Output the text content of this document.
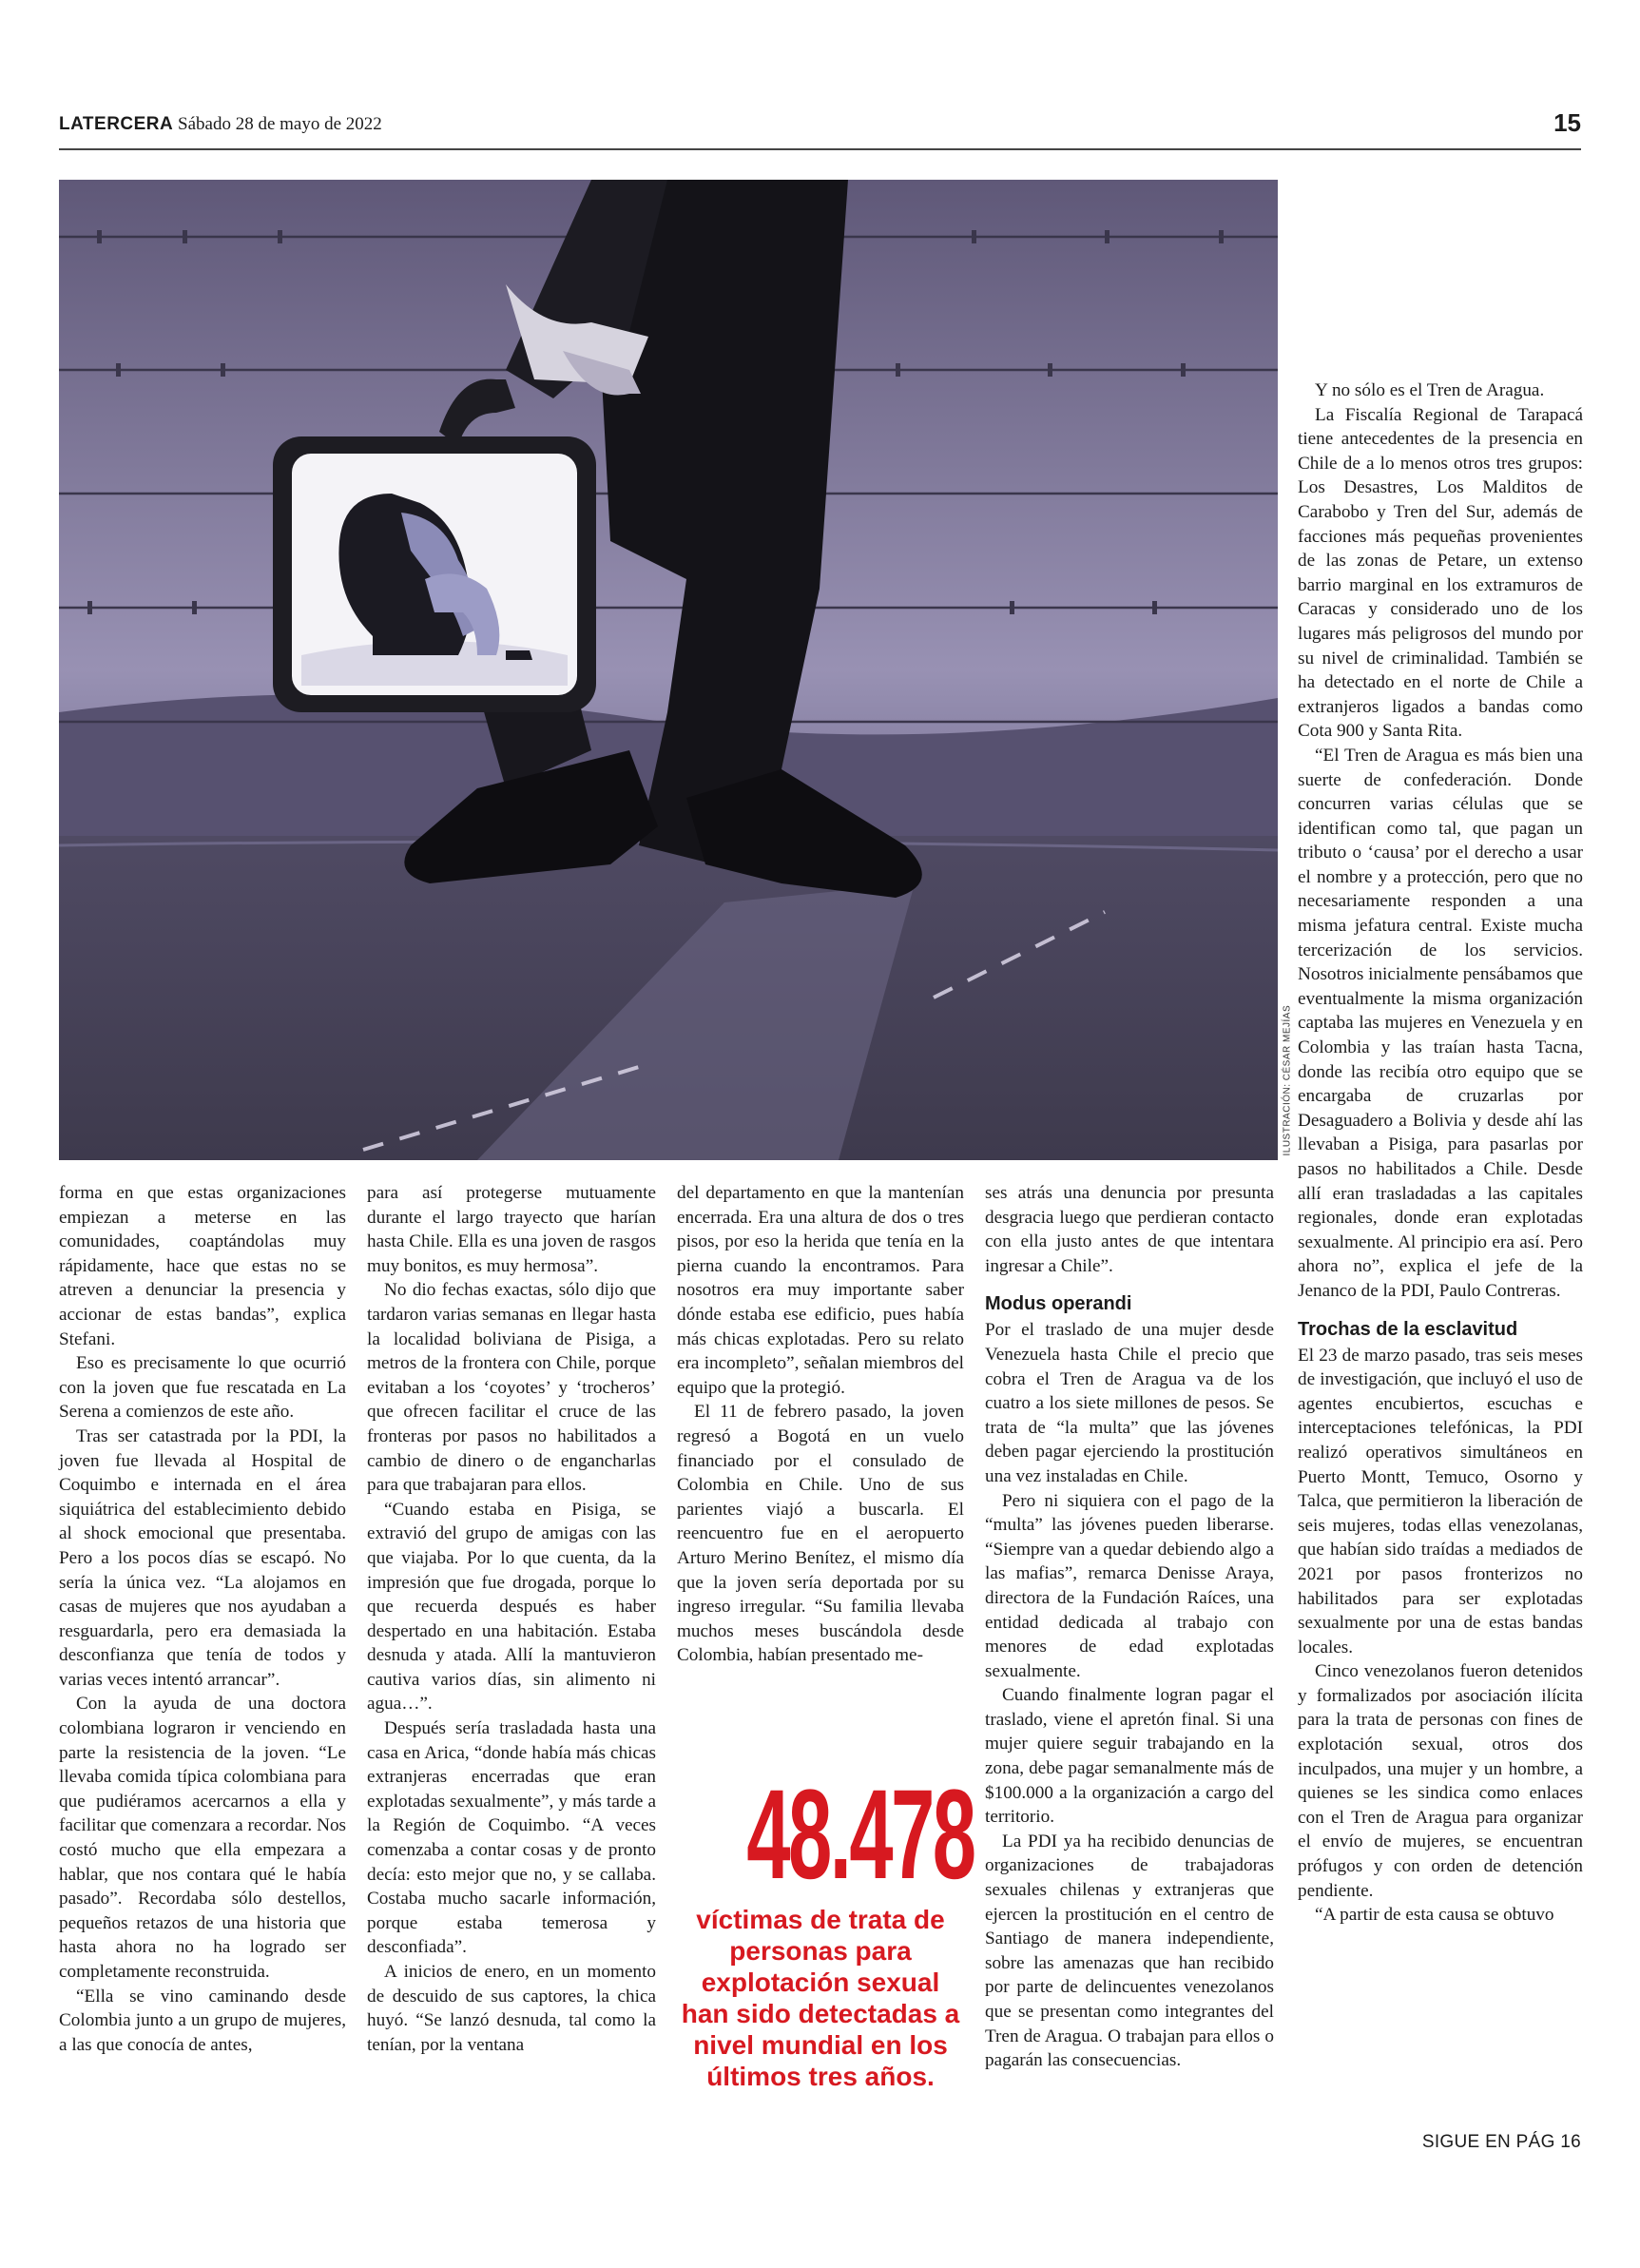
LATERCERA Sábado 28 de mayo de 2022	15
ILUSTRACIÓN: CÉSAR MEJÍAS

forma en que estas organizaciones empiezan a meterse en las comunidades, coaptándolas muy rápidamente, hace que estas no se atreven a denunciar la presencia y accionar de estas bandas”, explica Stefani.

Eso es precisamente lo que ocurrió con la joven que fue rescatada en La Serena a comienzos de este año.

Tras ser catastrada por la PDI, la joven fue llevada al Hospital de Coquimbo e internada en el área siquiátrica del establecimiento debido al shock emocional que presentaba. Pero a los pocos días se escapó. No sería la única vez. “La alojamos en casas de mujeres que nos ayudaban a resguardarla, pero era demasiada la desconfianza que tenía de todos y varias veces intentó arrancar”.

Con la ayuda de una doctora colombiana lograron ir venciendo en parte la resistencia de la joven. “Le llevaba comida típica colombiana para que pudiéramos acercarnos a ella y facilitar que comenzara a recordar. Nos costó mucho que ella empezara a hablar, que nos contara qué le había pasado”. Recordaba sólo destellos, pequeños retazos de una historia que hasta ahora no ha logrado ser completamente reconstruida.

“Ella se vino caminando desde Colombia junto a un grupo de mujeres, a las que conocía de antes,

para así protegerse mutuamente durante el largo trayecto que harían hasta Chile. Ella es una joven de rasgos muy bonitos, es muy hermosa”.

No dio fechas exactas, sólo dijo que tardaron varias semanas en llegar hasta la localidad boliviana de Pisiga, a metros de la frontera con Chile, porque evitaban a los ‘coyotes’ y ‘trocheros’ que ofrecen facilitar el cruce de las fronteras por pasos no habilitados a cambio de dinero o de engancharlas para que trabajaran para ellos.

“Cuando estaba en Pisiga, se extravió del grupo de amigas con las que viajaba. Por lo que cuenta, da la impresión que fue drogada, porque lo que recuerda después es haber despertado en una habitación. Estaba desnuda y atada. Allí la mantuvieron cautiva varios días, sin alimento ni agua…”.

Después sería trasladada hasta una casa en Arica, “donde había más chicas extranjeras encerradas que eran explotadas sexualmente”, y más tarde a la Región de Coquimbo. “A veces comenzaba a contar cosas y de pronto decía: esto mejor que no, y se callaba. Costaba mucho sacarle información, porque estaba temerosa y desconfiada”.

A inicios de enero, en un momento de descuido de sus captores, la chica huyó. “Se lanzó desnuda, tal como la tenían, por la ventana

del departamento en que la mantenían encerrada. Era una altura de dos o tres pisos, por eso la herida que tenía en la pierna cuando la encontramos. Para nosotros era muy importante saber dónde estaba ese edificio, pues había más chicas explotadas. Pero su relato era incompleto”, señalan miembros del equipo que la protegió.

El 11 de febrero pasado, la joven regresó a Bogotá en un vuelo financiado por el consulado de Colombia en Chile. Uno de sus parientes viajó a buscarla. El reencuentro fue en el aeropuerto Arturo Merino Benítez, el mismo día que la joven sería deportada por su ingreso irregular. “Su familia llevaba muchos meses buscándola desde Colombia, habían presentado me-

48.478
víctimas de trata de personas para explotación sexual han sido detectadas a nivel mundial en los últimos tres años.

ses atrás una denuncia por presunta desgracia luego que perdieran contacto con ella justo antes de que intentara ingresar a Chile”.

Modus operandi

Por el traslado de una mujer desde Venezuela hasta Chile el precio que cobra el Tren de Aragua va de los cuatro a los siete millones de pesos. Se trata de “la multa” que las jóvenes deben pagar ejerciendo la prostitución una vez instaladas en Chile.

Pero ni siquiera con el pago de la “multa” las jóvenes pueden liberarse. “Siempre van a quedar debiendo algo a las mafias”, remarca Denisse Araya, directora de la Fundación Raíces, una entidad dedicada al trabajo con menores de edad explotadas sexualmente.

Cuando finalmente logran pagar el traslado, viene el apretón final. Si una mujer quiere seguir trabajando en la zona, debe pagar semanalmente más de $100.000 a la organización a cargo del territorio.

La PDI ya ha recibido denuncias de organizaciones de trabajadoras sexuales chilenas y extranjeras que ejercen la prostitución en el centro de Santiago de manera independiente, sobre las amenazas que han recibido por parte de delincuentes venezolanos que se presentan como integrantes del Tren de Aragua. O trabajan para ellos o pagarán las consecuencias.

Y no sólo es el Tren de Aragua.

La Fiscalía Regional de Tarapacá tiene antecedentes de la presencia en Chile de a lo menos otros tres grupos: Los Desastres, Los Malditos de Carabobo y Tren del Sur, además de facciones más pequeñas provenientes de las zonas de Petare, un extenso barrio marginal en los extramuros de Caracas y considerado uno de los lugares más peligrosos del mundo por su nivel de criminalidad. También se ha detectado en el norte de Chile a extranjeros ligados a bandas como Cota 900 y Santa Rita.

“El Tren de Aragua es más bien una suerte de confederación. Donde concurren varias células que se identifican como tal, que pagan un tributo o ‘causa’ por el derecho a usar el nombre y a protección, pero que no necesariamente responden a una misma jefatura central. Existe mucha tercerización de los servicios. Nosotros inicialmente pensábamos que eventualmente la misma organización captaba las mujeres en Venezuela y en Colombia y las traían hasta Tacna, donde las recibía otro equipo que se encargaba de cruzarlas por Desaguadero a Bolivia y desde ahí las llevaban a Pisiga, para pasarlas por pasos no habilitados a Chile. Desde allí eran trasladadas a las capitales regionales, donde eran explotadas sexualmente. Al principio era así. Pero ahora no”, explica el jefe de la Jenanco de la PDI, Paulo Contreras.

Trochas de la esclavitud

El 23 de marzo pasado, tras seis meses de investigación, que incluyó el uso de agentes encubiertos, escuchas e interceptaciones telefónicas, la PDI realizó operativos simultáneos en Puerto Montt, Temuco, Osorno y Talca, que permitieron la liberación de seis mujeres, todas ellas venezolanas, que habían sido traídas a mediados de 2021 por pasos fronterizos no habilitados para ser explotadas sexualmente por una de estas bandas locales.

Cinco venezolanos fueron detenidos y formalizados por asociación ilícita para la trata de personas con fines de explotación sexual, otros dos inculpados, una mujer y un hombre, a quienes se les sindica como enlaces con el Tren de Aragua para organizar el envío de mujeres, se encuentran prófugos y con orden de detención pendiente.

“A partir de esta causa se obtuvo

SIGUE EN PÁG 16
